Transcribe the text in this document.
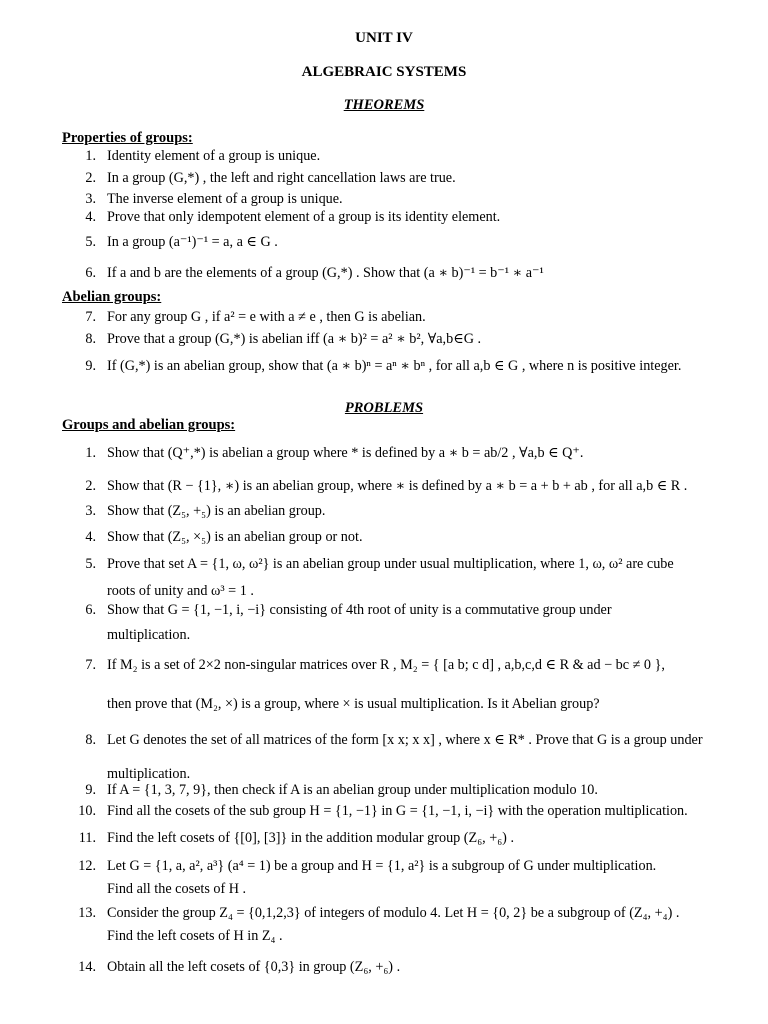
UNIT IV
ALGEBRAIC SYSTEMS
THEOREMS
Properties of groups:
1. Identity element of a group is unique.
2. In a group (G,*) , the left and right cancellation laws are true.
3. The inverse element of a group is unique.
4. Prove that only idempotent element of a group is its identity element.
5. In a group (a⁻¹)⁻¹ = a, a ∈ G .
6. If a and b are the elements of a group (G,*) . Show that (a ∗ b)⁻¹ = b⁻¹ ∗ a⁻¹
Abelian groups:
7. For any group G , if a² = e with a ≠ e , then G is abelian.
8. Prove that a group (G,*) is abelian iff (a ∗ b)² = a² ∗ b², ∀a,b∈G .
9. If (G,*) is an abelian group, show that (a ∗ b)ⁿ = aⁿ ∗ bⁿ , for all a,b ∈ G , where n is positive integer.
PROBLEMS
Groups and abelian groups:
1. Show that (Q⁺,*) is abelian a group where * is defined by a ∗ b = ab/2 , ∀a,b ∈ Q⁺.
2. Show that (R − {1}, ∗) is an abelian group, where ∗ is defined by a ∗ b = a + b + ab , for all a,b ∈ R .
3. Show that (Z₅, +₅) is an abelian group.
4. Show that (Z₅, ×₅) is an abelian group or not.
5. Prove that set A = {1, ω, ω²} is an abelian group under usual multiplication, where 1, ω, ω² are cube
roots of unity and ω³ = 1 .
6. Show that G = {1, −1, i, −i} consisting of 4th root of unity is a commutative group under
multiplication.
7. If M₂ is a set of 2×2 non-singular matrices over R , M₂ = { [a b; c d] , a,b,c,d ∈ R & ad − bc ≠ 0 },
then prove that (M₂, ×) is a group, where × is usual multiplication. Is it Abelian group?
8. Let G denotes the set of all matrices of the form [x x; x x] , where x ∈ R* . Prove that G is a group under
multiplication.
9. If A = {1, 3, 7, 9}, then check if A is an abelian group under multiplication modulo 10.
10. Find all the cosets of the sub group H = {1, −1} in G = {1, −1, i, −i} with the operation multiplication.
11. Find the left cosets of {[0], [3]} in the addition modular group (Z₆, +₆) .
12. Let G = {1, a, a², a³} (a⁴ = 1) be a group and H = {1, a²} is a subgroup of G under multiplication.
Find all the cosets of H .
13. Consider the group Z₄ = {0,1,2,3} of integers of modulo 4. Let H = {0, 2} be a subgroup of (Z₄, +₄) .
Find the left cosets of H in Z₄ .
14. Obtain all the left cosets of {0,3} in group (Z₆, +₆) .
